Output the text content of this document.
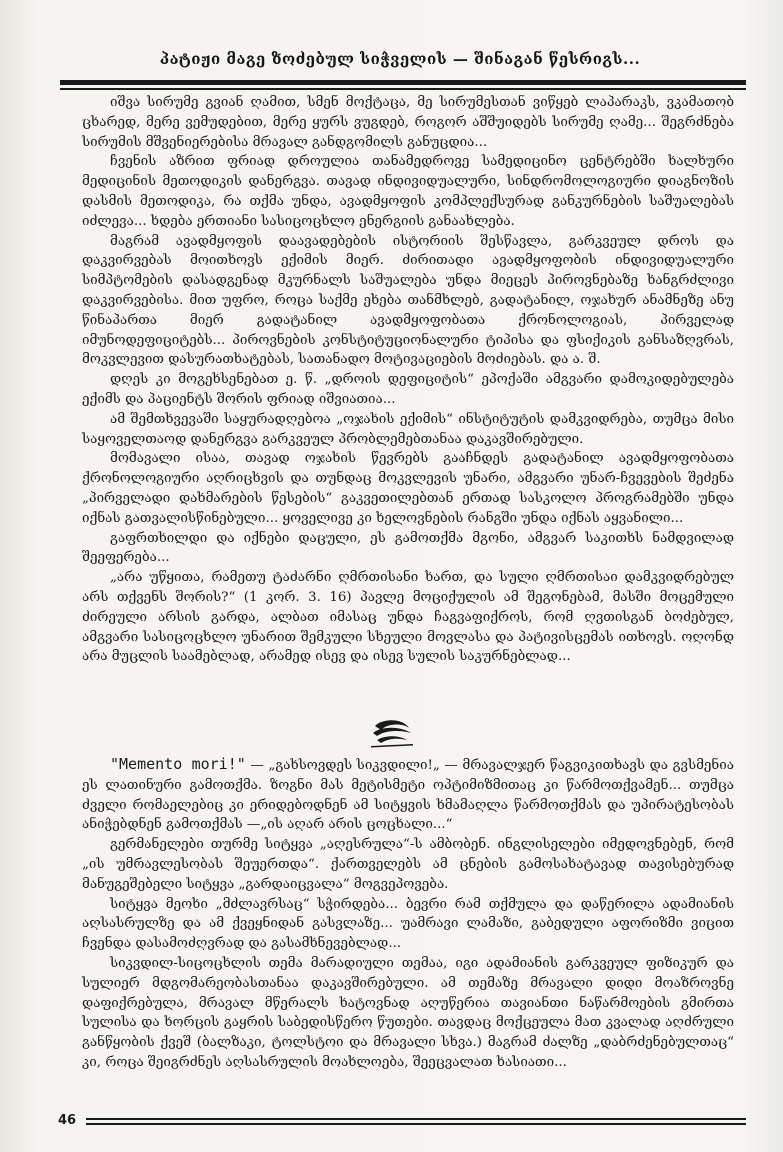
პატიჟი მაგე ზოძებულ სიჭველის — შინაგან წესრიგს...

იშვა სირუმე გვიან ღამით, სმენ მოქტაცა, მე სირუმესთან ვიწყებ ლაპარაკს, ვკამათობ ცხარედ, მერე ვემუდებით, მერე ყურს ვუგდებ, როგორ აშშუიდებს სირუმე ღამე... შეგრძნება სირუმის მშვენიერებისა მრავალ განდგომილს განუცდია...

ჩვენის აზრით ფრიად დროულია თანამედროვე სამედიცინო ცენტრებში ხალხური მედიცინის მეთოდიკის დანერგვა. თავად ინდივიდუალური, სინდრომოლოგიური დიაგნოზის დასმის მეთოდიკა, რა თქმა უნდა, ავადმყოფის კომპლექსურად განკურნების საშუალებას იძლევა... ხდება ერთიანი სასიცოცხლო ენერგიის განაახლება.

მაგრამ ავადმყოფის დაავადებების ისტორიის შესწავლა, გარკვეულ დროს და დაკვირვებას მოითხოვს ექიმის მიერ. ძირითადი ავადმყოფობის ინდივიდუალური სიმპტომების დასადგენად მკურნალს საშუალება უნდა მიეცეს პიროვნებაზე ხანგრძლივი დაკვირვებისა. მით უფრო, როცა საქმე ეხება თანმხლებ, გადატანილ, ოჯახურ ანამნეზე ანუ წინაპართა მიერ გადატანილ ავადმყოფობათა ქრონოლოგიას, პირველად იმუნოდეფიციტებს... პიროვნების კონსტიტუციონალური ტიპისა და ფსიქიკის განსაზღვრას, მოკვლევით დასურათხატებას, სათანადო მოტივაციების მოძიებას. და ა. შ.

დღეს კი მოგეხსენებათ ე. წ. „დროის დეფიციტის“ ეპოქაში ამგვარი დამოკიდებულება ექიმს და პაციენტს შორის ფრიად იშვიათია...

ამ შემთხვევაში საყურადღებოა „ოჯახის ექიმის“ ინსტიტუტის დამკვიდრება, თუმცა მისი საყოველთაოდ დანერგვა გარკვეულ პრობლემებთანაა დაკავშირებული.

მომავალი ისაა, თავად ოჯახის წევრებს გააჩნდეს გადატანილ ავადმყოფობათა ქრონოლოგიური აღრიცხვის და თუნდაც მოკვლევის უნარი, ამგვარი უნარ-ჩვევების შეძენა „პირველადი დახმარების წესების“ გაკვეთილებთან ერთად სასკოლო პროგრამებში უნდა იქნას გათვალისწინებული... ყოველივე კი ხელოვნების რანგში უნდა იქნას აყვანილი...

გაფრთხილდი და იქნები დაცული, ეს გამოთქმა მგონი, ამგვარ საკითხს ნამდვილად შეეფერება...

„არა უწყითა, რამეთუ ტაძარნი ღმრთისანი ხართ, და სული ღმრთისაი დამკვიდრებულ არს თქვენს შორის?“ (1 კორ. 3. 16) პავლე მოციქულის ამ შეგონებამ, მასში მოცემული ძირეული არსის გარდა, ალბათ იმასაც უნდა ჩაგვაფიქროს, რომ ღვთისგან ბოძებულ, ამგვარი სასიცოცხლო უნარით შემკული სხეული მოვლასა და პატივისცემას ითხოვს. ოღონდ არა მუცლის საამებლად, არამედ ისევ და ისევ სულის საკურნებლად...

"Memento mori!" — „გახსოვდეს სიკვდილი!„ — მრავალჯერ წაგვიკითხავს და გვსმენია ეს ლათინური გამოთქმა. ზოგნი მას მეტისმეტი ოპტიმიზმითაც კი წარმოთქვამენ... თუმცა ძველი რომაელებიც კი ერიდებოდნენ ამ სიტყვის ხმამაღლა წარმოთქმას და უპირატესობას ანიჭებდნენ გამოთქმას —„ის აღარ არის ცოცხალი...“

გერმანელები თურმე სიტყვა „აღესრულა“-ს ამბობენ. ინგლისელები იმედოვნებენ, რომ „ის უმრავლესობას შეუერთდა“. ქართველებს ამ ცნების გამოსახატავად თავისებურად მანუგეშებელი სიტყვა „გარდაიცვალა“ მოგვეპოვება.

სიტყვა მეოხი „მძლავრსაც“ სჭირდება... ბევრი რამ თქმულა და დაწერილა ადამიანის აღსასრულზე და ამ ქვეყნიდან გასვლაზე... უამრავი ლამაზი, გაბედული აფორიზმი ვიცით ჩვენდა დასამოძღვრად და გასამხნევებლად...

სიკვდილ-სიცოცხლის თემა მარადიული თემაა, იგი ადამიანის გარკვეულ ფიზიკურ და სულიერ მდგომარეობასთანაა დაკავშირებული. ამ თემაზე მრავალი დიდი მოაზროვნე დაფიქრებულა, მრავალ მწერალს ხატოვნად აღუწერია თავიანთი ნაწარმოების გმირთა სულისა და ხორცის გაყრის საბედისწერო წუთები. თავდაც მოქცეულა მათ კვალად აღძრული განწყობის ქვეშ (ბალზაკი, ტოლსტოი და მრავალი სხვა.) მაგრამ ძალზე „დაბრძენებულთაც“ კი, როცა შეიგრძნეს აღსასრულის მოახლოება, შეეცვალათ ხასიათი...

46
